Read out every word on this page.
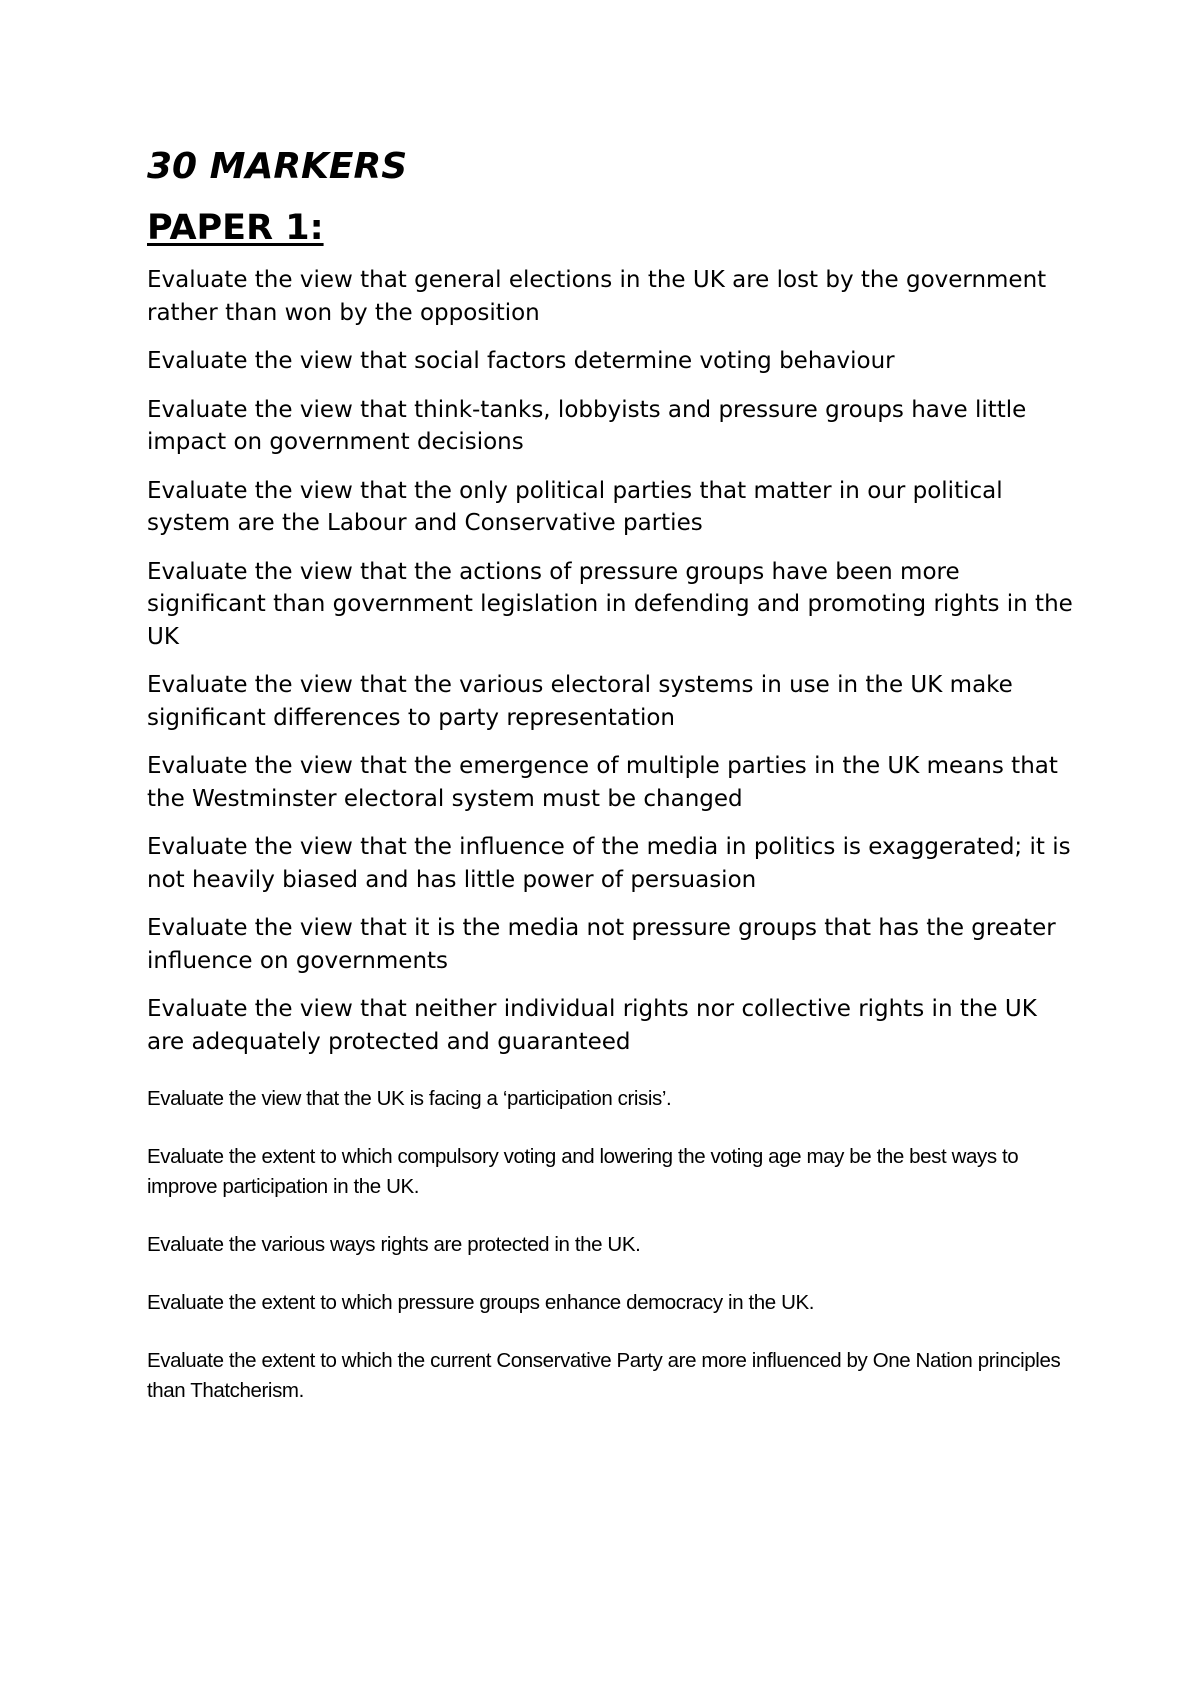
30 MARKERS
PAPER 1:

Evaluate the view that general elections in the UK are lost by the government
rather than won by the opposition

Evaluate the view that social factors determine voting behaviour

Evaluate the view that think-tanks, lobbyists and pressure groups have little impact on government decisions

Evaluate the view that the only political parties that matter in our political system are the Labour and Conservative parties

Evaluate the view that the actions of pressure groups have been more significant than government legislation in defending and promoting rights in the UK

Evaluate the view that the various electoral systems in use in the UK make significant differences to party representation

Evaluate the view that the emergence of multiple parties in the UK means that the Westminster electoral system must be changed

Evaluate the view that the influence of the media in politics is exaggerated; it is not heavily biased and has little power of persuasion

Evaluate the view that it is the media not pressure groups that has the greater
influence on governments

Evaluate the view that neither individual rights nor collective rights in the UK are adequately protected and guaranteed

Evaluate the view that the UK is facing a ‘participation crisis’.

Evaluate the extent to which compulsory voting and lowering the voting age may be the best ways to improve participation in the UK.

Evaluate the various ways rights are protected in the UK.

Evaluate the extent to which pressure groups enhance democracy in the UK.

Evaluate the extent to which the current Conservative Party are more influenced by One Nation principles than Thatcherism.
